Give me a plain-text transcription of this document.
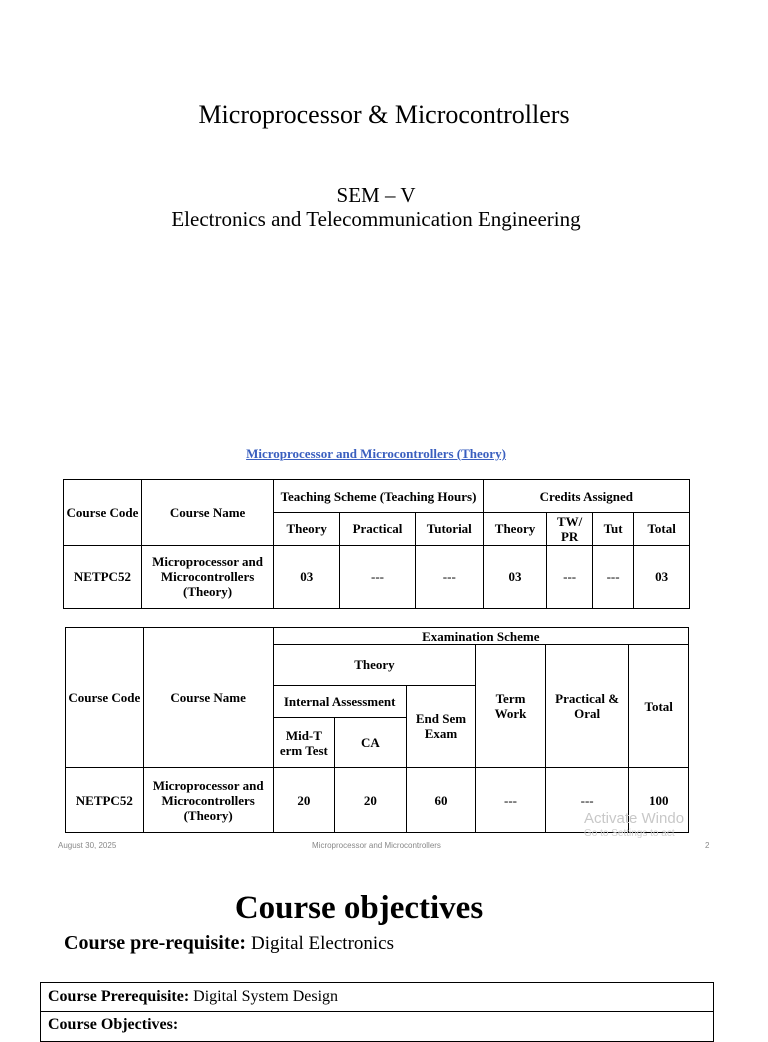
Microprocessor & Microcontrollers
SEM – V
Electronics and Telecommunication Engineering
Microprocessor and Microcontrollers (Theory)
Course Code	Course Name	Teaching Scheme (Teaching Hours)			Credits Assigned			
		Theory	Practical	Tutorial	Theory	TW/ PR	Tut	Total
NETPC52	Microprocessor and Microcontrollers (Theory)	03	---	---	03	---	---	03
Course Code	Course Name	Examination Scheme					
		Theory			Term Work	Practical & Oral	Total
		Internal Assessment		End Sem Exam			
		Mid-T erm Test	CA				
NETPC52	Microprocessor and Microcontrollers (Theory)	20	20	60	---	---	100
Activate Windo
Go to Settings to act
August 30, 2025	Microprocessor and Microcontrollers	2
Course objectives
Course pre-requisite: Digital Electronics
Course Prerequisite: Digital System Design
Course Objectives:
